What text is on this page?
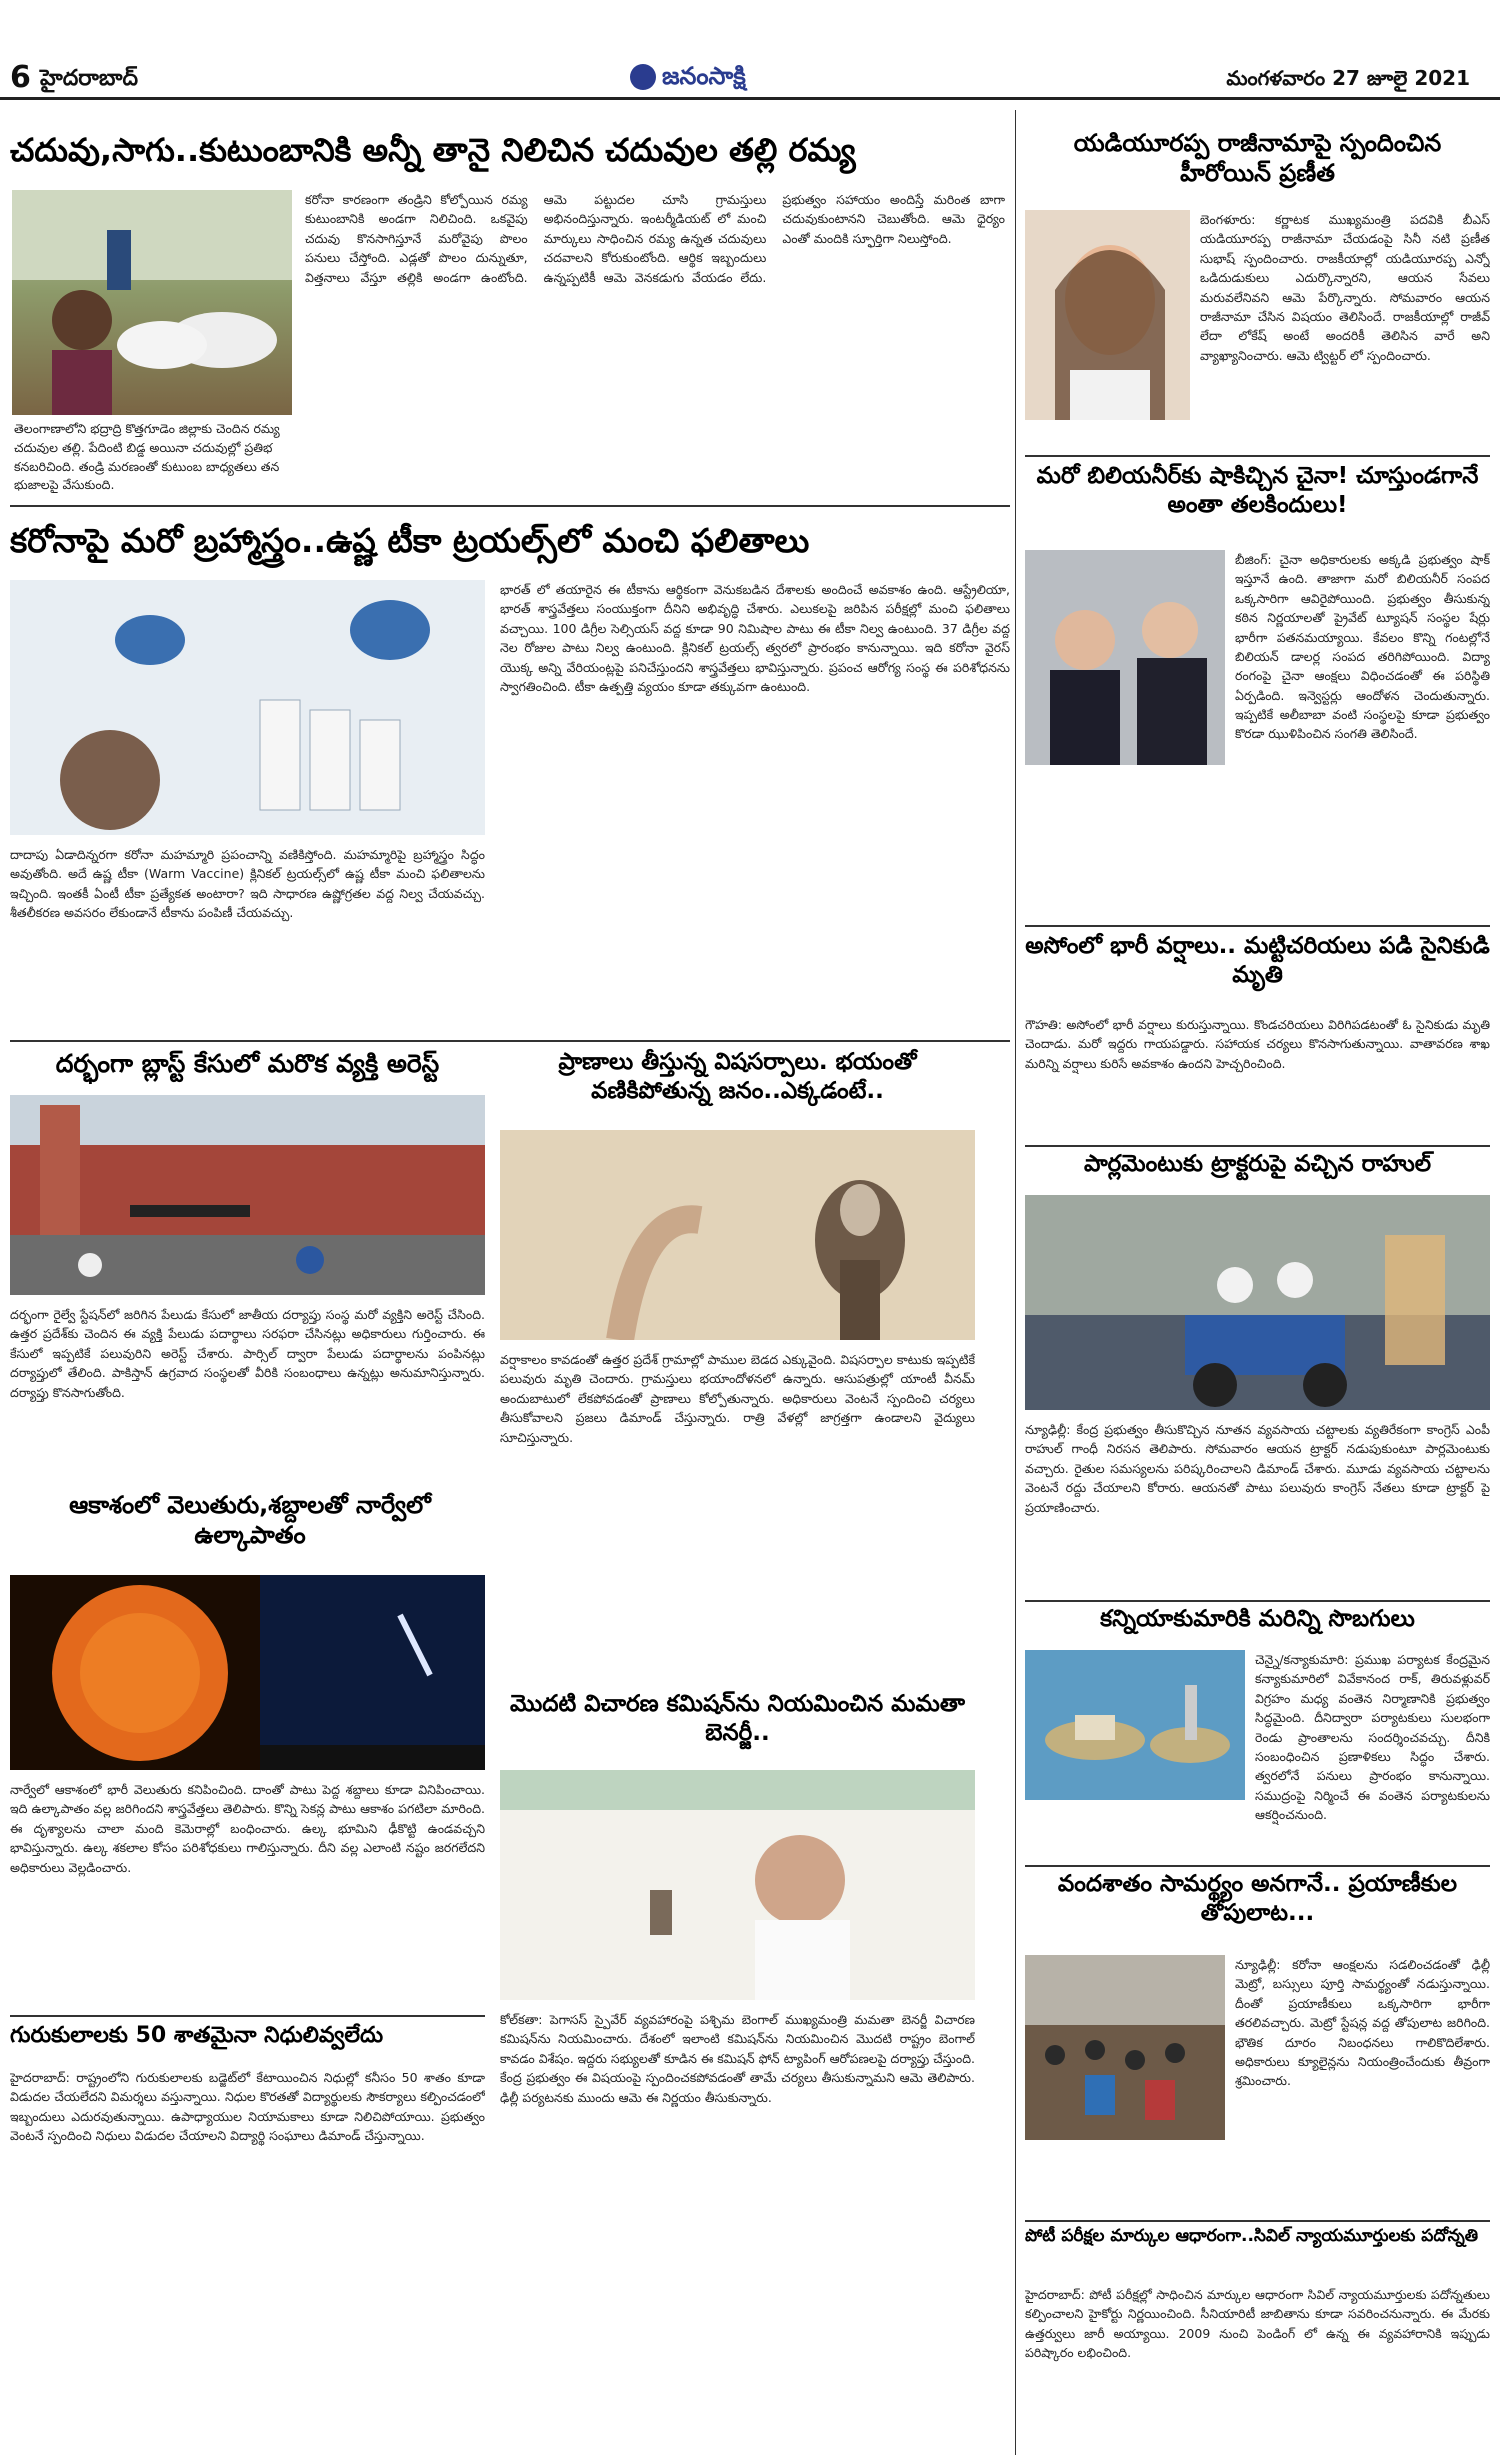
6 హైదరాబాద్	జనంసాక్షి	మంగళవారం 27 జూలై 2021
చదువు,సాగు..కుటుంబానికి అన్నీ తానై నిలిచిన చదువుల తల్లి రమ్య
తెలంగాణాలోని భద్రాద్రి కొత్తగూడెం జిల్లాకు చెందిన రమ్య చదువుల తల్లి. పేదింటి బిడ్డ అయినా చదువుల్లో ప్రతిభ కనబరిచింది. తండ్రి మరణంతో కుటుంబ బాధ్యతలు తన భుజాలపై వేసుకుంది.
కరోనా కారణంగా తండ్రిని కోల్పోయిన రమ్య కుటుంబానికి అండగా నిలిచింది. ఒకవైపు చదువు కొనసాగిస్తూనే మరోవైపు పొలం పనులు చేస్తోంది. ఎడ్లతో పొలం దున్నుతూ, విత్తనాలు వేస్తూ తల్లికి అండగా ఉంటోంది. ఆమె పట్టుదల చూసి గ్రామస్తులు అభినందిస్తున్నారు. ఇంటర్మీడియట్ లో మంచి మార్కులు సాధించిన రమ్య ఉన్నత చదువులు చదవాలని కోరుకుంటోంది. ఆర్థిక ఇబ్బందులు ఉన్నప్పటికీ ఆమె వెనకడుగు వేయడం లేదు. ప్రభుత్వం సహాయం అందిస్తే మరింత బాగా చదువుకుంటానని చెబుతోంది. ఆమె ధైర్యం ఎంతో మందికి స్ఫూర్తిగా నిలుస్తోంది.
కరోనాపై మరో బ్రహ్మాస్త్రం..ఉష్ణ టీకా ట్రయల్స్‌లో మంచి ఫలితాలు
దాదాపు ఏడాదిన్నరగా కరోనా మహమ్మారి ప్రపంచాన్ని వణికిస్తోంది. మహమ్మారిపై బ్రహ్మాస్త్రం సిద్ధం అవుతోంది. అదే ఉష్ణ టీకా (Warm Vaccine) క్లినికల్ ట్రయల్స్‌లో ఉష్ణ టీకా మంచి ఫలితాలను ఇచ్చింది. ఇంతకీ ఏంటీ టీకా ప్రత్యేకత అంటారా? ఇది సాధారణ ఉష్ణోగ్రతల వద్ద నిల్వ చేయవచ్చు. శీతలీకరణ అవసరం లేకుండానే టీకాను పంపిణీ చేయవచ్చు.
భారత్ లో తయారైన ఈ టీకాను ఆర్థికంగా వెనుకబడిన దేశాలకు అందించే అవకాశం ఉంది. ఆస్ట్రేలియా, భారత్ శాస్త్రవేత్తలు సంయుక్తంగా దీనిని అభివృద్ధి చేశారు. ఎలుకలపై జరిపిన పరీక్షల్లో మంచి ఫలితాలు వచ్చాయి. 100 డిగ్రీల సెల్సియస్ వద్ద కూడా 90 నిమిషాల పాటు ఈ టీకా నిల్వ ఉంటుంది. 37 డిగ్రీల వద్ద నెల రోజుల పాటు నిల్వ ఉంటుంది. క్లినికల్ ట్రయల్స్ త్వరలో ప్రారంభం కానున్నాయి. ఇది కరోనా వైరస్ యొక్క అన్ని వేరియంట్లపై పనిచేస్తుందని శాస్త్రవేత్తలు భావిస్తున్నారు. ప్రపంచ ఆరోగ్య సంస్థ ఈ పరిశోధనను స్వాగతించింది. టీకా ఉత్పత్తి వ్యయం కూడా తక్కువగా ఉంటుంది.
దర్భంగా బ్లాస్ట్ కేసులో మరొక వ్యక్తి అరెస్ట్
దర్భంగా రైల్వే స్టేషన్‌లో జరిగిన పేలుడు కేసులో జాతీయ దర్యాప్తు సంస్థ మరో వ్యక్తిని అరెస్ట్ చేసింది. ఉత్తర ప్రదేశ్‌కు చెందిన ఈ వ్యక్తి పేలుడు పదార్థాలు సరఫరా చేసినట్లు అధికారులు గుర్తించారు. ఈ కేసులో ఇప్పటికే పలువురిని అరెస్ట్ చేశారు. పార్సిల్ ద్వారా పేలుడు పదార్థాలను పంపినట్లు దర్యాప్తులో తేలింది. పాకిస్తాన్ ఉగ్రవాద సంస్థలతో వీరికి సంబంధాలు ఉన్నట్లు అనుమానిస్తున్నారు. దర్యాప్తు కొనసాగుతోంది.
ఆకాశంలో వెలుతురు,శబ్దాలతో నార్వేలో ఉల్కాపాతం
నార్వేలో ఆకాశంలో భారీ వెలుతురు కనిపించింది. దాంతో పాటు పెద్ద శబ్దాలు కూడా వినిపించాయి. ఇది ఉల్కాపాతం వల్ల జరిగిందని శాస్త్రవేత్తలు తెలిపారు. కొన్ని సెకన్ల పాటు ఆకాశం పగటిలా మారింది. ఈ దృశ్యాలను చాలా మంది కెమెరాల్లో బంధించారు. ఉల్క భూమిని ఢీకొట్టి ఉండవచ్చని భావిస్తున్నారు. ఉల్క శకలాల కోసం పరిశోధకులు గాలిస్తున్నారు. దీని వల్ల ఎలాంటి నష్టం జరగలేదని అధికారులు వెల్లడించారు.
గురుకులాలకు 50 శాతమైనా నిధులివ్వలేదు
హైదరాబాద్: రాష్ట్రంలోని గురుకులాలకు బడ్జెట్‌లో కేటాయించిన నిధుల్లో కనీసం 50 శాతం కూడా విడుదల చేయలేదని విమర్శలు వస్తున్నాయి. నిధుల కొరతతో విద్యార్థులకు సౌకర్యాలు కల్పించడంలో ఇబ్బందులు ఎదురవుతున్నాయి. ఉపాధ్యాయుల నియామకాలు కూడా నిలిచిపోయాయి. ప్రభుత్వం వెంటనే స్పందించి నిధులు విడుదల చేయాలని విద్యార్థి సంఘాలు డిమాండ్ చేస్తున్నాయి.
ప్రాణాలు తీస్తున్న విషసర్పాలు. భయంతో వణికిపోతున్న జనం..ఎక్కడంటే..
వర్షాకాలం కావడంతో ఉత్తర ప్రదేశ్ గ్రామాల్లో పాముల బెడద ఎక్కువైంది. విషసర్పాల కాటుకు ఇప్పటికే పలువురు మృతి చెందారు. గ్రామస్తులు భయాందోళనలో ఉన్నారు. ఆసుపత్రుల్లో యాంటీ వీనమ్ అందుబాటులో లేకపోవడంతో ప్రాణాలు కోల్పోతున్నారు. అధికారులు వెంటనే స్పందించి చర్యలు తీసుకోవాలని ప్రజలు డిమాండ్ చేస్తున్నారు. రాత్రి వేళల్లో జాగ్రత్తగా ఉండాలని వైద్యులు సూచిస్తున్నారు.
మొదటి విచారణ కమిషన్‌ను నియమించిన మమతా బెనర్జీ..
కోల్‌కతా: పెగాసస్ స్పైవేర్ వ్యవహారంపై పశ్చిమ బెంగాల్ ముఖ్యమంత్రి మమతా బెనర్జీ విచారణ కమిషన్‌ను నియమించారు. దేశంలో ఇలాంటి కమిషన్‌ను నియమించిన మొదటి రాష్ట్రం బెంగాల్ కావడం విశేషం. ఇద్దరు సభ్యులతో కూడిన ఈ కమిషన్ ఫోన్ ట్యాపింగ్ ఆరోపణలపై దర్యాప్తు చేస్తుంది. కేంద్ర ప్రభుత్వం ఈ విషయంపై స్పందించకపోవడంతో తామే చర్యలు తీసుకున్నామని ఆమె తెలిపారు. ఢిల్లీ పర్యటనకు ముందు ఆమె ఈ నిర్ణయం తీసుకున్నారు.
యడియూరప్ప రాజీనామాపై స్పందించిన హీరోయిన్ ప్రణీత
బెంగళూరు: కర్ణాటక ముఖ్యమంత్రి పదవికి బీఎస్ యడియూరప్ప రాజీనామా చేయడంపై సినీ నటి ప్రణీత సుభాష్ స్పందించారు. రాజకీయాల్లో యడియూరప్ప ఎన్నో ఒడిదుడుకులు ఎదుర్కొన్నారని, ఆయన సేవలు మరువలేనివని ఆమె పేర్కొన్నారు. సోమవారం ఆయన రాజీనామా చేసిన విషయం తెలిసిందే. రాజకీయాల్లో రాజీవ్ లేదా లోకేష్ అంటే అందరికీ తెలిసిన వారే అని వ్యాఖ్యానించారు. ఆమె ట్విట్టర్ లో స్పందించారు.
మరో బిలియనీర్‌కు షాకిచ్చిన చైనా! చూస్తుండగానే అంతా తలకిందులు!
బీజింగ్: చైనా అధికారులకు అక్కడి ప్రభుత్వం షాక్ ఇస్తూనే ఉంది. తాజాగా మరో బిలియనీర్ సంపద ఒక్కసారిగా ఆవిరైపోయింది. ప్రభుత్వం తీసుకున్న కఠిన నిర్ణయాలతో ప్రైవేట్ ట్యూషన్ సంస్థల షేర్లు భారీగా పతనమయ్యాయి. కేవలం కొన్ని గంటల్లోనే బిలియన్ డాలర్ల సంపద తరిగిపోయింది. విద్యా రంగంపై చైనా ఆంక్షలు విధించడంతో ఈ పరిస్థితి ఏర్పడింది. ఇన్వెస్టర్లు ఆందోళన చెందుతున్నారు. ఇప్పటికే అలీబాబా వంటి సంస్థలపై కూడా ప్రభుత్వం కొరడా ఝుళిపించిన సంగతి తెలిసిందే.
అసోంలో భారీ వర్షాలు.. మట్టిచరియలు పడి సైనికుడి మృతి
గౌహతి: అసోంలో భారీ వర్షాలు కురుస్తున్నాయి. కొండచరియలు విరిగిపడటంతో ఓ సైనికుడు మృతి చెందాడు. మరో ఇద్దరు గాయపడ్డారు. సహాయక చర్యలు కొనసాగుతున్నాయి. వాతావరణ శాఖ మరిన్ని వర్షాలు కురిసే అవకాశం ఉందని హెచ్చరించింది.
పార్లమెంటుకు ట్రాక్టరుపై వచ్చిన రాహుల్
న్యూఢిల్లీ: కేంద్ర ప్రభుత్వం తీసుకొచ్చిన నూతన వ్యవసాయ చట్టాలకు వ్యతిరేకంగా కాంగ్రెస్ ఎంపీ రాహుల్ గాంధీ నిరసన తెలిపారు. సోమవారం ఆయన ట్రాక్టర్ నడుపుకుంటూ పార్లమెంటుకు వచ్చారు. రైతుల సమస్యలను పరిష్కరించాలని డిమాండ్ చేశారు. మూడు వ్యవసాయ చట్టాలను వెంటనే రద్దు చేయాలని కోరారు. ఆయనతో పాటు పలువురు కాంగ్రెస్ నేతలు కూడా ట్రాక్టర్ పై ప్రయాణించారు.
కన్నియాకుమారికి మరిన్ని సొబగులు
చెన్నై/కన్యాకుమారి: ప్రముఖ పర్యాటక కేంద్రమైన కన్యాకుమారిలో వివేకానంద రాక్, తిరువళ్లువర్ విగ్రహం మధ్య వంతెన నిర్మాణానికి ప్రభుత్వం సిద్ధమైంది. దీనిద్వారా పర్యాటకులు సులభంగా రెండు ప్రాంతాలను సందర్శించవచ్చు. దీనికి సంబంధించిన ప్రణాళికలు సిద్ధం చేశారు. త్వరలోనే పనులు ప్రారంభం కానున్నాయి. సముద్రంపై నిర్మించే ఈ వంతెన పర్యాటకులను ఆకర్షించనుంది.
వందశాతం సామర్థ్యం అనగానే.. ప్రయాణీకుల తోపులాట...
న్యూఢిల్లీ: కరోనా ఆంక్షలను సడలించడంతో ఢిల్లీ మెట్రో, బస్సులు పూర్తి సామర్థ్యంతో నడుస్తున్నాయి. దీంతో ప్రయాణీకులు ఒక్కసారిగా భారీగా తరలివచ్చారు. మెట్రో స్టేషన్ల వద్ద తోపులాట జరిగింది. భౌతిక దూరం నిబంధనలు గాలికొదిలేశారు. అధికారులు క్యూలైన్లను నియంత్రించేందుకు తీవ్రంగా శ్రమించారు.
పోటీ పరీక్షల మార్కుల ఆధారంగా..సివిల్ న్యాయమూర్తులకు పదోన్నతి
హైదరాబాద్: పోటీ పరీక్షల్లో సాధించిన మార్కుల ఆధారంగా సివిల్ న్యాయమూర్తులకు పదోన్నతులు కల్పించాలని హైకోర్టు నిర్ణయించింది. సీనియారిటీ జాబితాను కూడా సవరించనున్నారు. ఈ మేరకు ఉత్తర్వులు జారీ అయ్యాయి. 2009 నుంచి పెండింగ్ లో ఉన్న ఈ వ్యవహారానికి ఇప్పుడు పరిష్కారం లభించింది.
